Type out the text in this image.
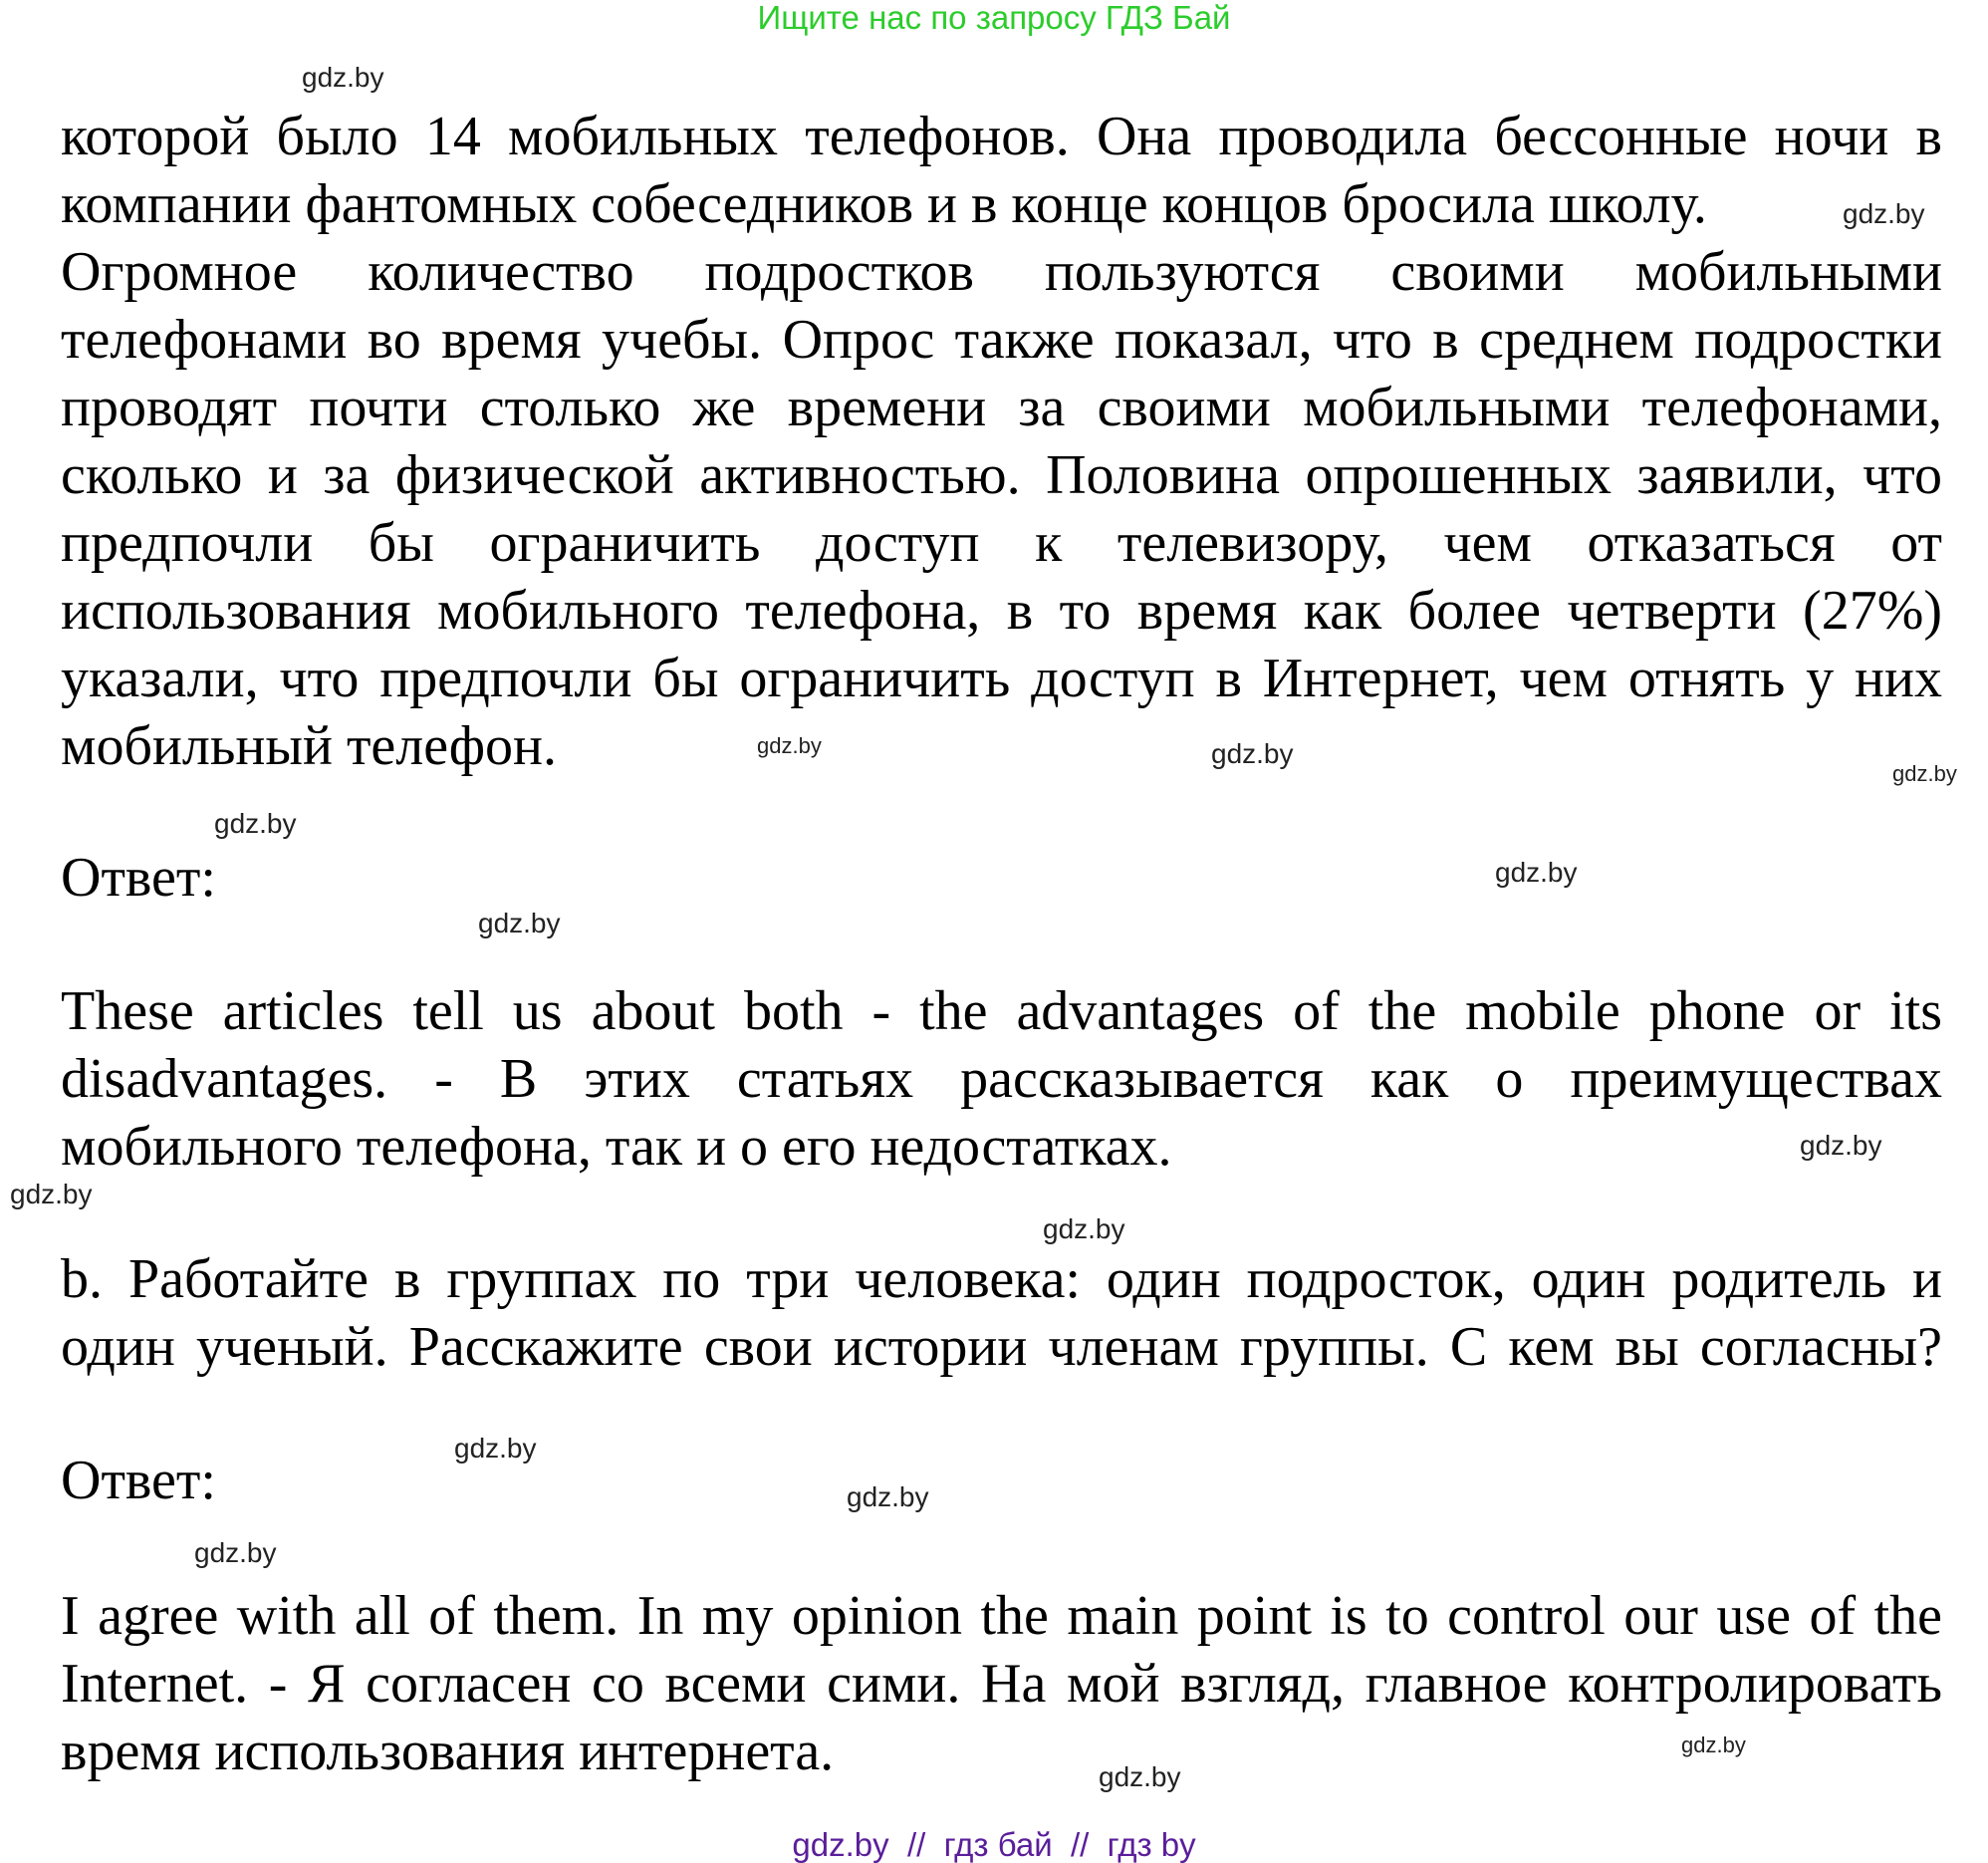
Ищите нас по запросу ГДЗ Бай
которой было 14 мобильных телефонов. Она проводила бессонные ночи в
компании фантомных собеседников и в конце концов бросила школу.
Огромное количество подростков пользуются своими мобильными
телефонами во время учебы. Опрос также показал, что в среднем подростки
проводят почти столько же времени за своими мобильными телефонами,
сколько и за физической активностью. Половина опрошенных заявили, что
предпочли бы ограничить доступ к телевизору, чем отказаться от
использования мобильного телефона, в то время как более четверти (27%)
указали, что предпочли бы ограничить доступ в Интернет, чем отнять у них
мобильный телефон.
Ответ:
These articles tell us about both - the advantages of the mobile phone or its
disadvantages. - В этих статьях рассказывается как о преимуществах
мобильного телефона, так и о его недостатках.
b. Работайте в группах по три человека: один подросток, один родитель и
один ученый. Расскажите свои истории членам группы. С кем вы согласны?
Ответ:
I agree with all of them. In my opinion the main point is to control our use of the
Internet. - Я согласен со всеми сими. На мой взгляд, главное контролировать
время использования интернета.
gdz.by
gdz.by
gdz.by
gdz.by
gdz.by
gdz.by
gdz.by
gdz.by
gdz.by
gdz.by
gdz.by
gdz.by
gdz.by
gdz.by
gdz.by
gdz.by
gdz.by  //  гдз бай  //  гдз by
